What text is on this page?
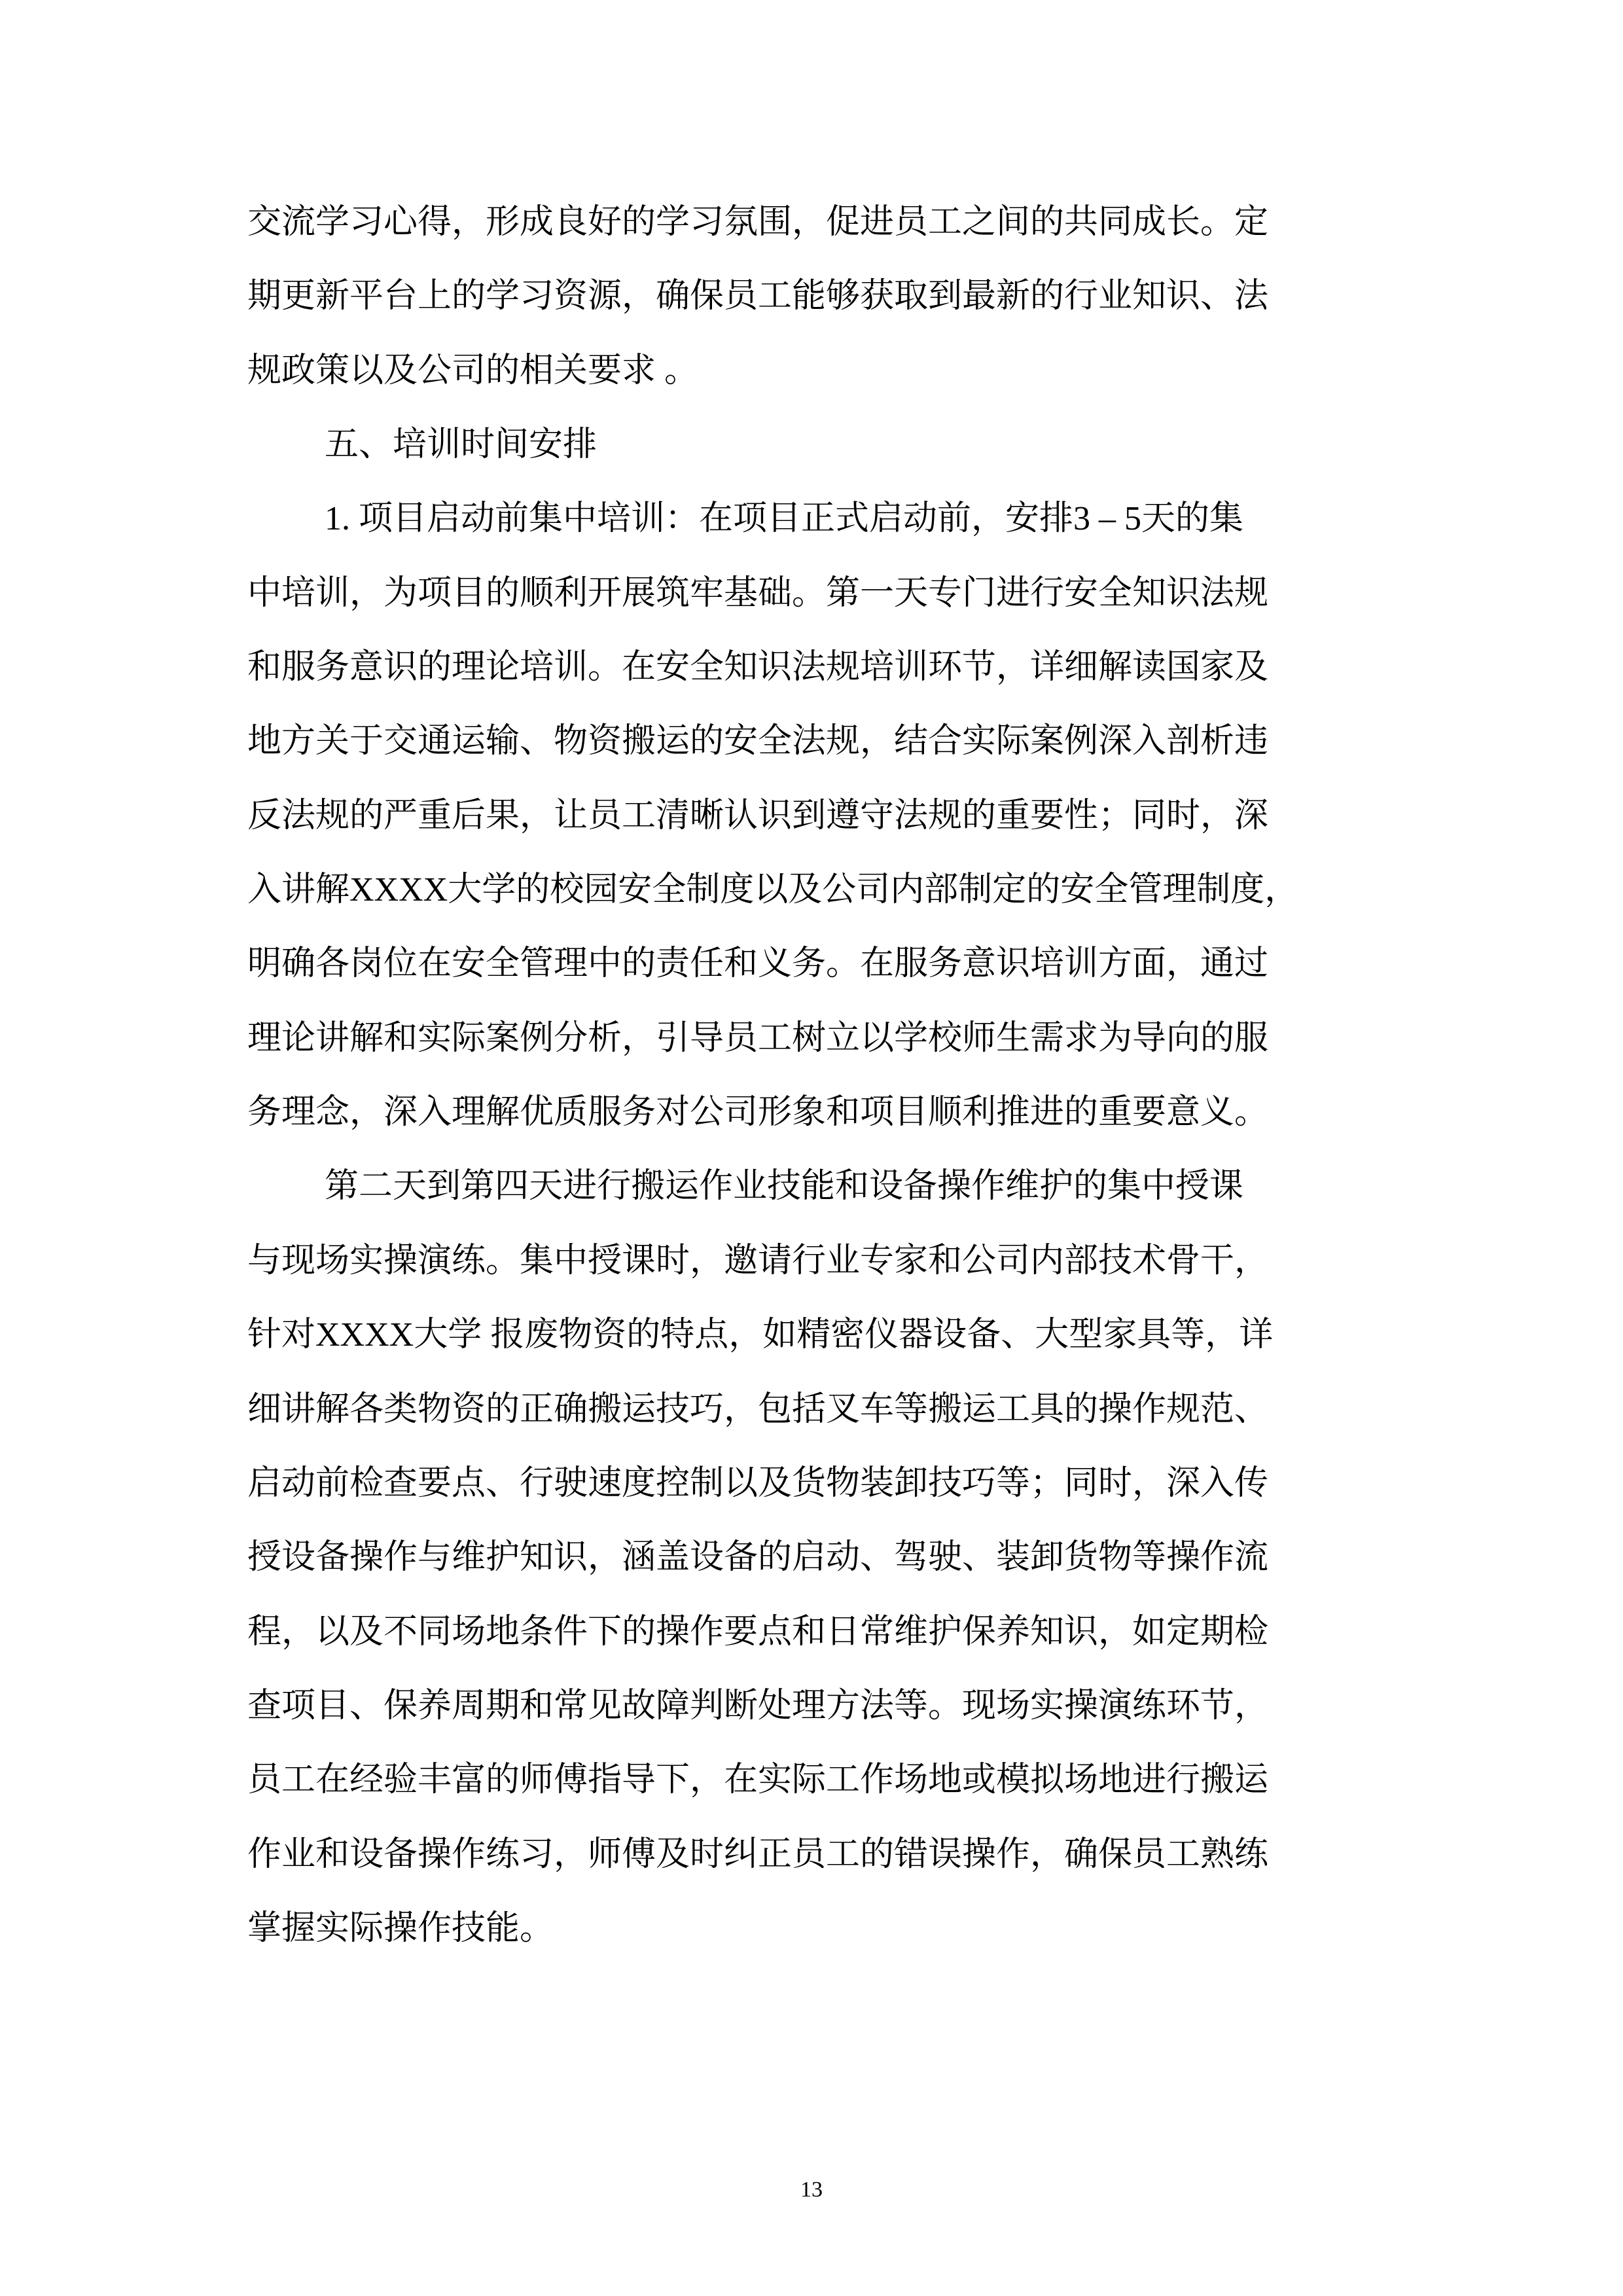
交流学习心得，形成良好的学习氛围，促进员工之间的共同成长。定
期更新平台上的学习资源，确保员工能够获取到最新的行业知识、法
规政策以及公司的相关要求 。
五、培训时间安排
1. 项目启动前集中培训：在项目正式启动前，安排3 – 5天的集
中培训，为项目的顺利开展筑牢基础。第一天专门进行安全知识法规
和服务意识的理论培训。在安全知识法规培训环节，详细解读国家及
地方关于交通运输、物资搬运的安全法规，结合实际案例深入剖析违
反法规的严重后果，让员工清晰认识到遵守法规的重要性；同时，深
入讲解XXXX大学的校园安全制度以及公司内部制定的安全管理制度，
明确各岗位在安全管理中的责任和义务。在服务意识培训方面，通过
理论讲解和实际案例分析，引导员工树立以学校师生需求为导向的服
务理念，深入理解优质服务对公司形象和项目顺利推进的重要意义。
第二天到第四天进行搬运作业技能和设备操作维护的集中授课
与现场实操演练。集中授课时，邀请行业专家和公司内部技术骨干，
针对XXXX大学 报废物资的特点，如精密仪器设备、大型家具等，详
细讲解各类物资的正确搬运技巧，包括叉车等搬运工具的操作规范、
启动前检查要点、行驶速度控制以及货物装卸技巧等；同时，深入传
授设备操作与维护知识，涵盖设备的启动、驾驶、装卸货物等操作流
程，以及不同场地条件下的操作要点和日常维护保养知识，如定期检
查项目、保养周期和常见故障判断处理方法等。现场实操演练环节，
员工在经验丰富的师傅指导下，在实际工作场地或模拟场地进行搬运
作业和设备操作练习，师傅及时纠正员工的错误操作，确保员工熟练
掌握实际操作技能。
13
